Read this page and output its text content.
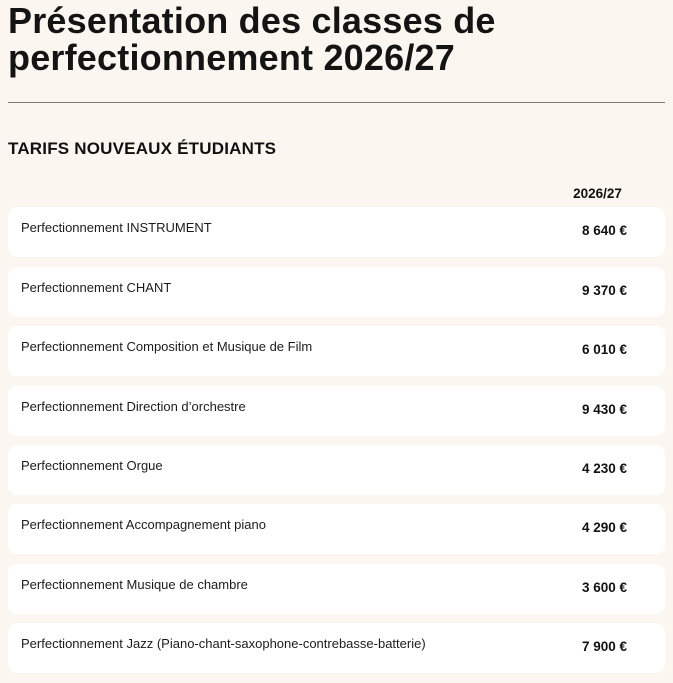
Présentation des classes de perfectionnement 2026/27
TARIFS NOUVEAUX ÉTUDIANTS
2026/27
Perfectionnement INSTRUMENT	8 640 €
Perfectionnement CHANT	9 370 €
Perfectionnement Composition et Musique de Film	6 010 €
Perfectionnement Direction d’orchestre	9 430 €
Perfectionnement Orgue	4 230 €
Perfectionnement Accompagnement piano	4 290 €
Perfectionnement Musique de chambre	3 600 €
Perfectionnement Jazz (Piano-chant-saxophone-contrebasse-batterie)	7 900 €
